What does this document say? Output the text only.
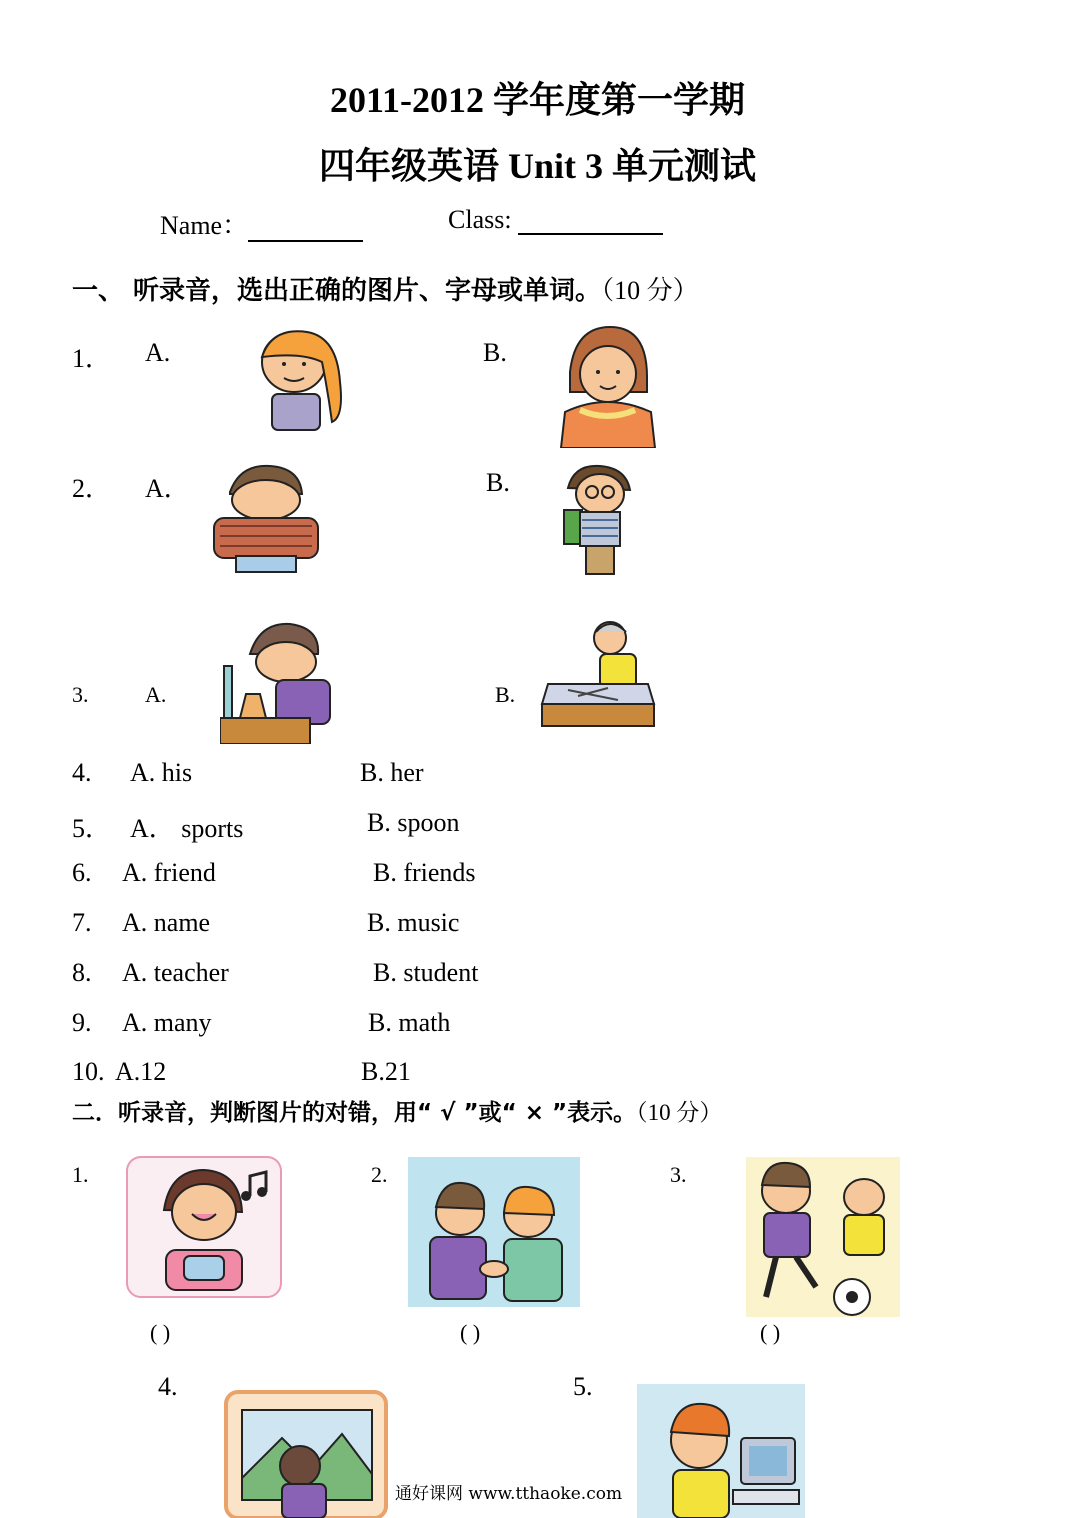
2011-2012 学年度第一学期
四年级英语 Unit 3 单元测试
Name：	Class:
一、 听录音，选出正确的图片、字母或单词。（10 分）
1． A.	B.
2． A．	B.
3.	A.	B.
4. A. his	B. her
5． A． sports	B. spoon
6. A. friend	B. friends
7. A. name	B. music
8. A. teacher	B. student
9. A. many	B. math
10. A.12	B.21
二．听录音，判断图片的对错，用“ √ ”或“ × ”表示。（10 分）
1.
( )
2.
( )
3.
( )
4.	5.
通好课网 www.tthaoke.com
